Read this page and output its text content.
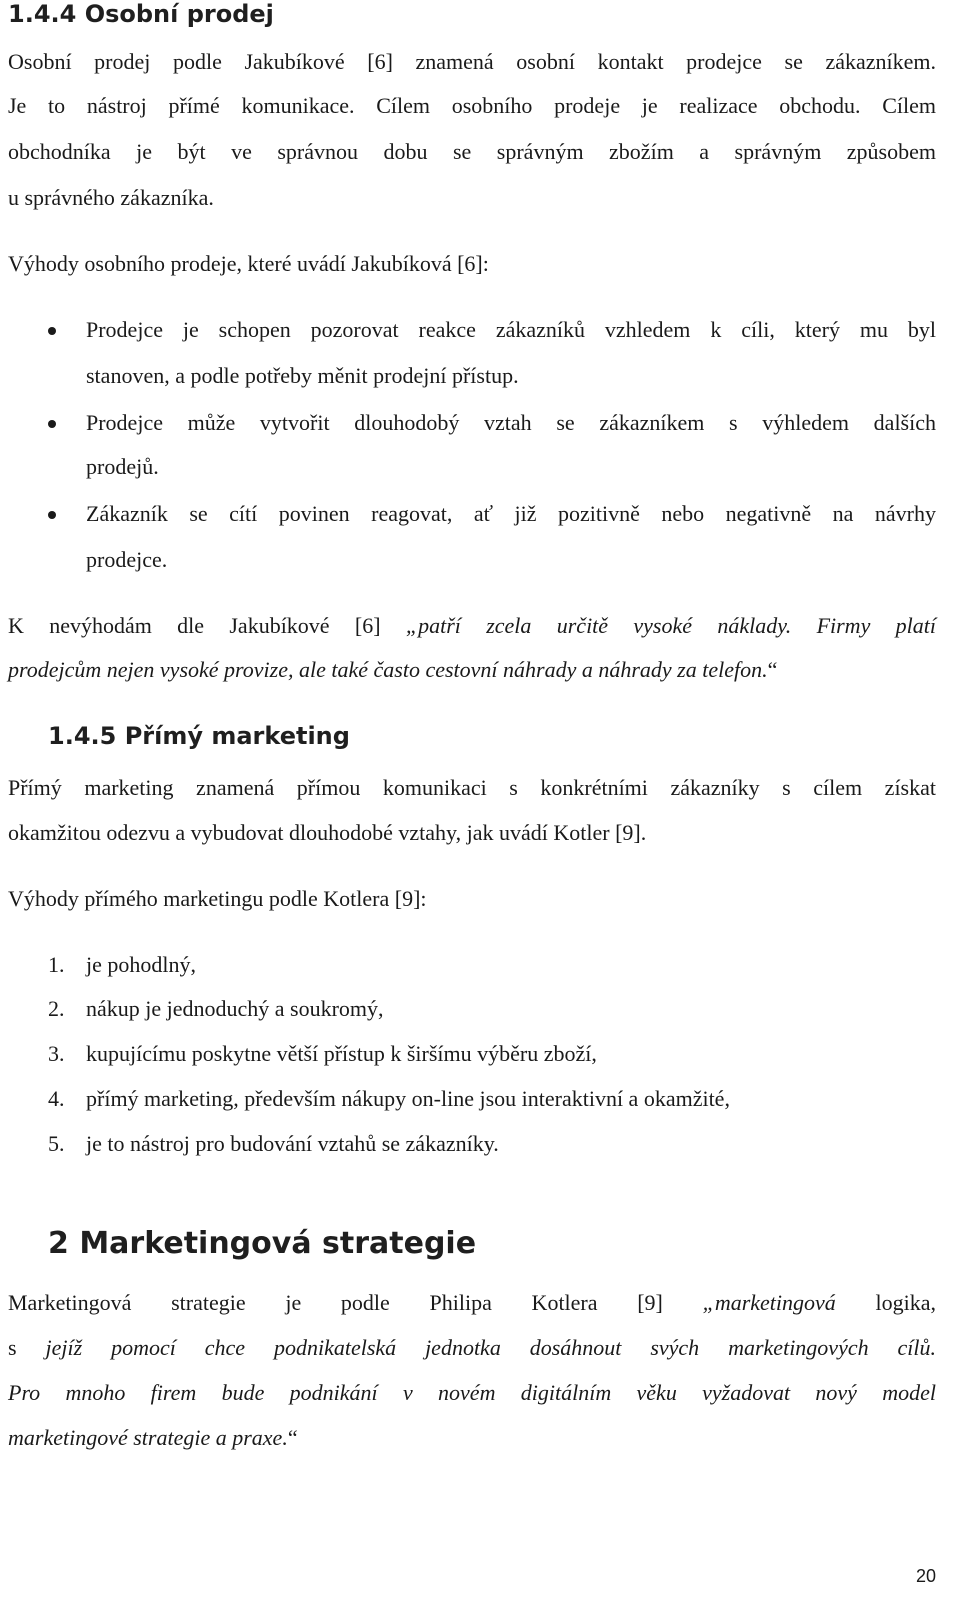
1.4.4 Osobní prodej
Osobní prodej podle Jakubíkové [6] znamená osobní kontakt prodejce se zákazníkem.
Je to nástroj přímé komunikace. Cílem osobního prodeje je realizace obchodu. Cílem
obchodníka je být ve správnou dobu se správným zbožím a správným způsobem
u správného zákazníka.
Výhody osobního prodeje, které uvádí Jakubíková [6]:
Prodejce je schopen pozorovat reakce zákazníků vzhledem k cíli, který mu byl
stanoven, a podle potřeby měnit prodejní přístup.
Prodejce může vytvořit dlouhodobý vztah se zákazníkem s výhledem dalších
prodejů.
Zákazník se cítí povinen reagovat, ať již pozitivně nebo negativně na návrhy
prodejce.
K nevýhodám dle Jakubíkové [6] „patří zcela určitě vysoké náklady. Firmy platí
prodejcům nejen vysoké provize, ale také často cestovní náhrady a náhrady za telefon.“
1.4.5 Přímý marketing
Přímý marketing znamená přímou komunikaci s konkrétními zákazníky s cílem získat
okamžitou odezvu a vybudovat dlouhodobé vztahy, jak uvádí Kotler [9].
Výhody přímého marketingu podle Kotlera [9]:
1. je pohodlný,
2. nákup je jednoduchý a soukromý,
3. kupujícímu poskytne větší přístup k širšímu výběru zboží,
4. přímý marketing, především nákupy on-line jsou interaktivní a okamžité,
5. je to nástroj pro budování vztahů se zákazníky.
2 Marketingová strategie
Marketingová strategie je podle Philipa Kotlera [9] „marketingová logika,
s jejíž pomocí chce podnikatelská jednotka dosáhnout svých marketingových cílů.
Pro mnoho firem bude podnikání v novém digitálním věku vyžadovat nový model
marketingové strategie a praxe.“
20
